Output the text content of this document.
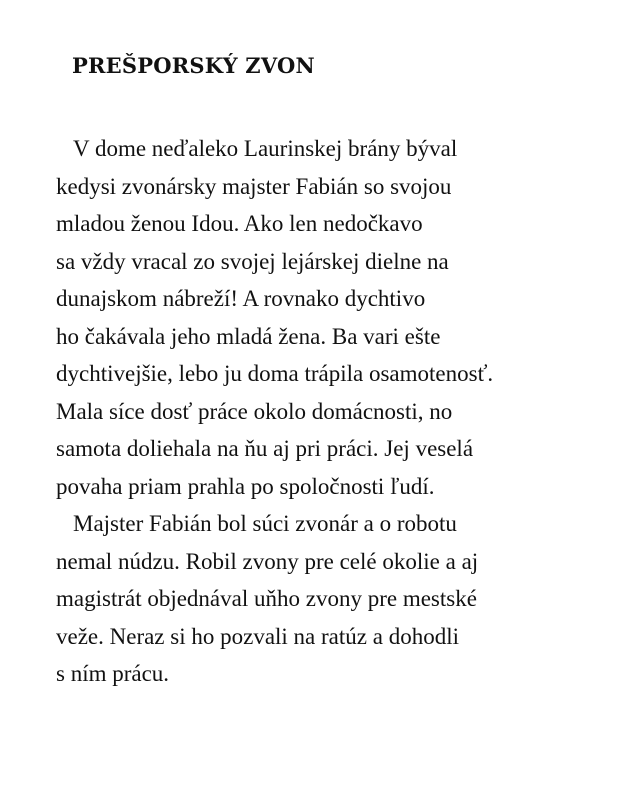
PREŠPORSKÝ ZVON
V dome neďaleko Laurinskej brány býval
kedysi zvonársky majster Fabián so svojou
mladou ženou Idou. Ako len nedočkavo
sa vždy vracal zo svojej lejárskej dielne na
dunajskom nábreží! A rovnako dychtivo
ho čakávala jeho mladá žena. Ba vari ešte
dychtivejšie, lebo ju doma trápila osamotenosť.
Mala síce dosť práce okolo domácnosti, no
samota doliehala na ňu aj pri práci. Jej veselá
povaha priam prahla po spoločnosti ľudí.
Majster Fabián bol súci zvonár a o robotu
nemal núdzu. Robil zvony pre celé okolie a aj
magistrát objednával uňho zvony pre mestské
veže. Neraz si ho pozvali na ratúz a dohodli
s ním prácu.
